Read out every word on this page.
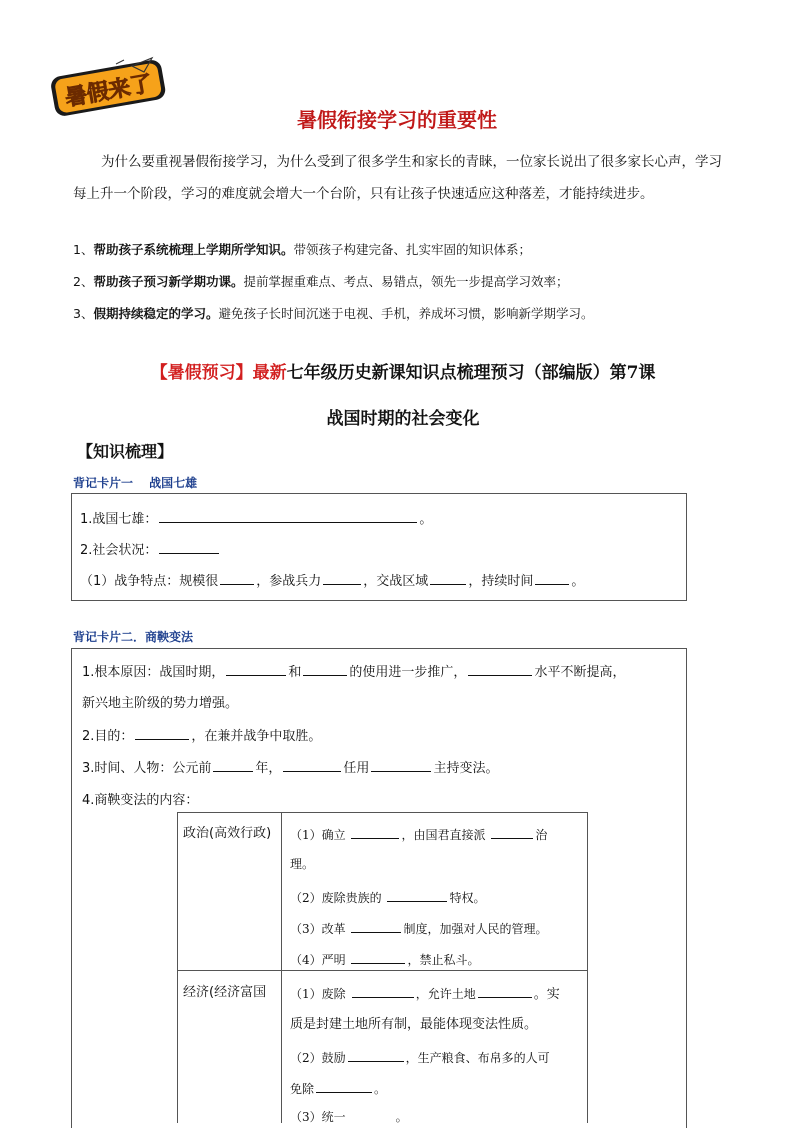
暑假来了
暑假衔接学习的重要性

为什么要重视暑假衔接学习，为什么受到了很多学生和家长的青睐，一位家长说出了很多家长心声，学习每上升一个阶段，学习的难度就会增大一个台阶，只有让孩子快速适应这种落差，才能持续进步。

1、帮助孩子系统梳理上学期所学知识。带领孩子构建完备、扎实牢固的知识体系；
2、帮助孩子预习新学期功课。提前掌握重难点、考点、易错点，领先一步提高学习效率；
3、假期持续稳定的学习。避免孩子长时间沉迷于电视、手机，养成坏习惯，影响新学期学习。
【暑假预习】最新七年级历史新课知识点梳理预习（部编版）第7课
战国时期的社会变化
【知识梳理】
背记卡片一　 战国七雄
1.战国七雄：	。
2.社会状况：
（1）战争特点：规模很	，参战兵力	，交战区域	，持续时间	。
背记卡片二．商鞅变法
1.根本原因：战国时期，	和	的使用进一步推广，	水平不断提高，
新兴地主阶级的势力增强。
2.目的：	，在兼并战争中取胜。
3.时间、人物：公元前	年，	任用	主持变法。
4.商鞅变法的内容：
政治(高效行政) （1）确立	，由国君直接派	治
理。
（2）废除贵族的	特权。
（3）改革	制度，加强对人民的管理。
（4）严明	，禁止私斗。
经济(经济富国 （1）废除	，允许土地	。实
质是封建土地所有制，最能体现变法性质。
（2）鼓励	，生产粮食、布帛多的人可
免除	。
（3）统一	。
